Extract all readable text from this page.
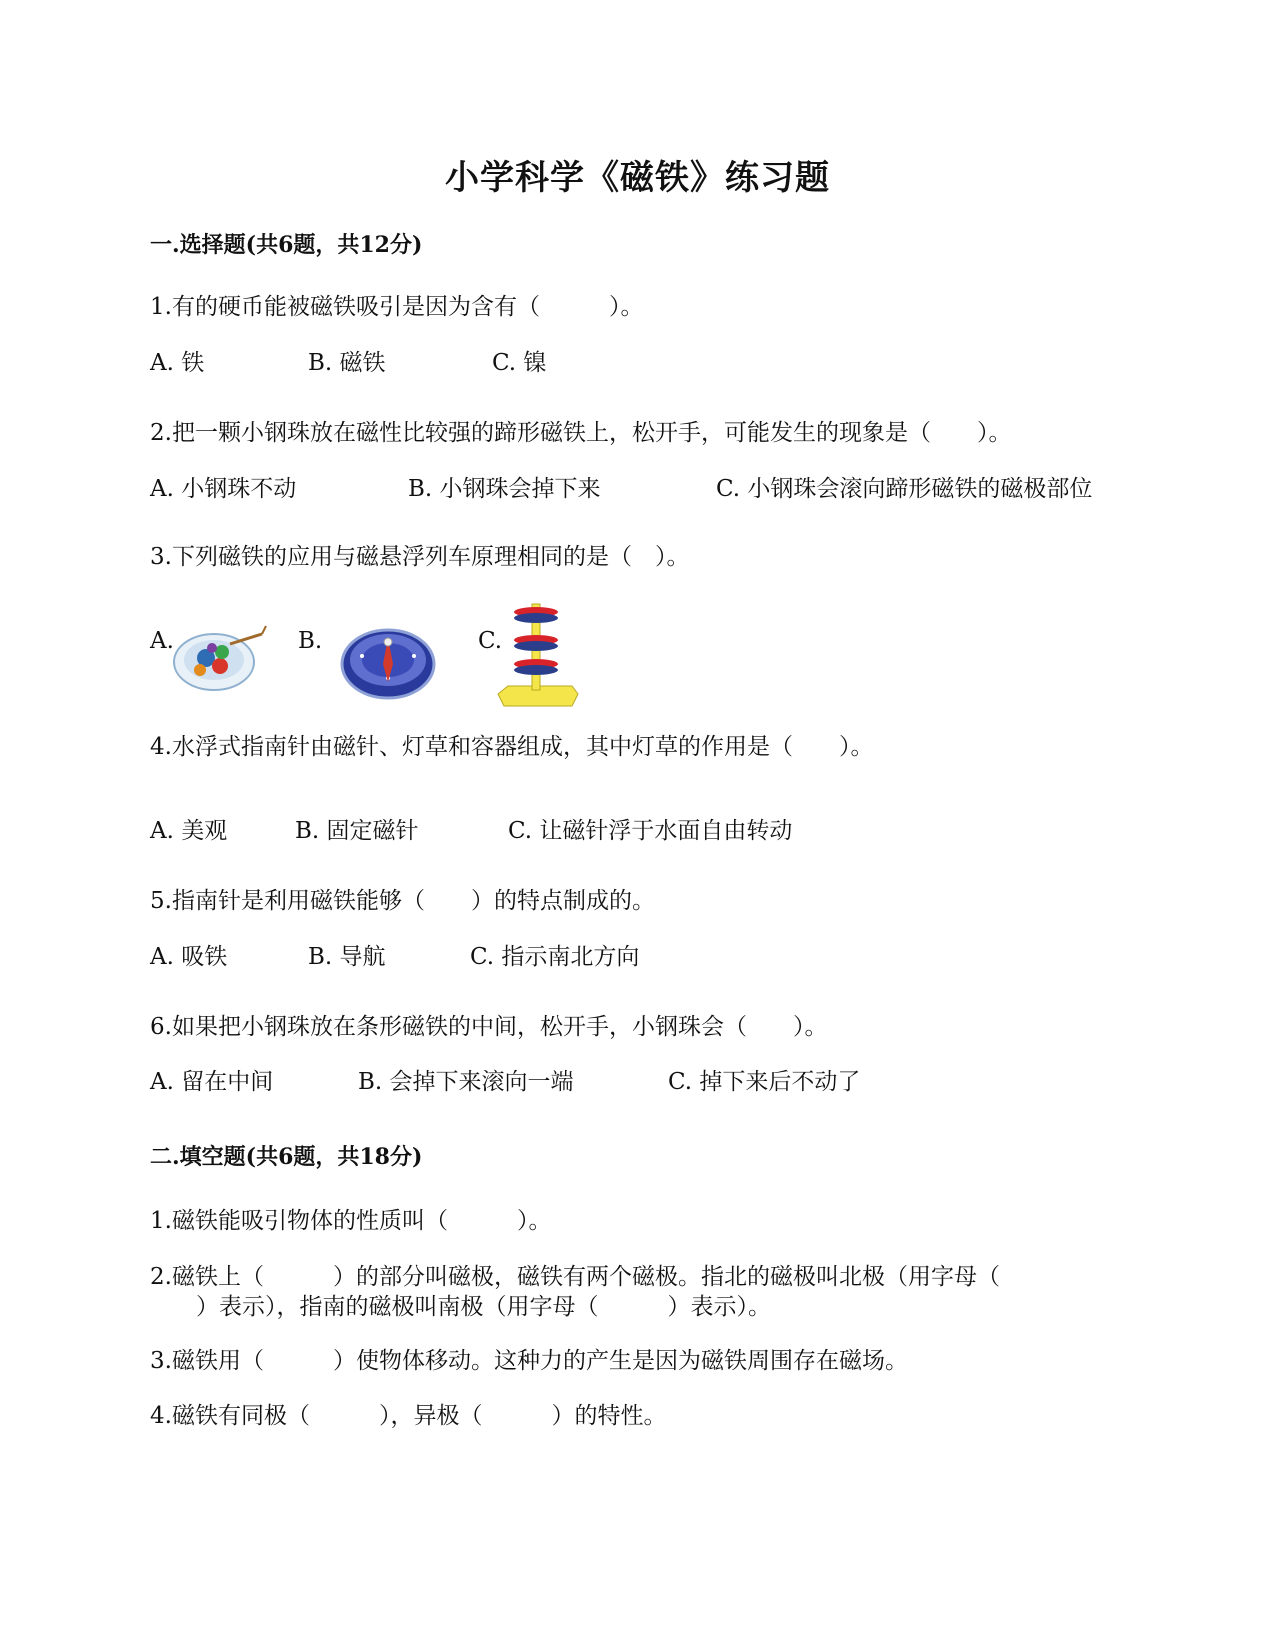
小学科学《磁铁》练习题
一.选择题(共6题，共12分)
1.有的硬币能被磁铁吸引是因为含有（　　　）。
A. 铁	B. 磁铁	C. 镍
2.把一颗小钢珠放在磁性比较强的蹄形磁铁上，松开手，可能发生的现象是（　　）。
A. 小钢珠不动	B. 小钢珠会掉下来	C. 小钢珠会滚向蹄形磁铁的磁极部位
3.下列磁铁的应用与磁悬浮列车原理相同的是（　）。
A.	B.	C.
4.水浮式指南针由磁针、灯草和容器组成，其中灯草的作用是（　　）。
A. 美观	B. 固定磁针	C. 让磁针浮于水面自由转动
5.指南针是利用磁铁能够（　　）的特点制成的。
A. 吸铁	B. 导航	C. 指示南北方向
6.如果把小钢珠放在条形磁铁的中间，松开手，小钢珠会（　　）。
A. 留在中间	B. 会掉下来滚向一端	C. 掉下来后不动了
二.填空题(共6题，共18分)
1.磁铁能吸引物体的性质叫（　　　）。
2.磁铁上（　　　）的部分叫磁极，磁铁有两个磁极。指北的磁极叫北极（用字母（
　　）表示），指南的磁极叫南极（用字母（　　　）表示）。
3.磁铁用（　　　）使物体移动。这种力的产生是因为磁铁周围存在磁场。
4.磁铁有同极（　　　），异极（　　　）的特性。
